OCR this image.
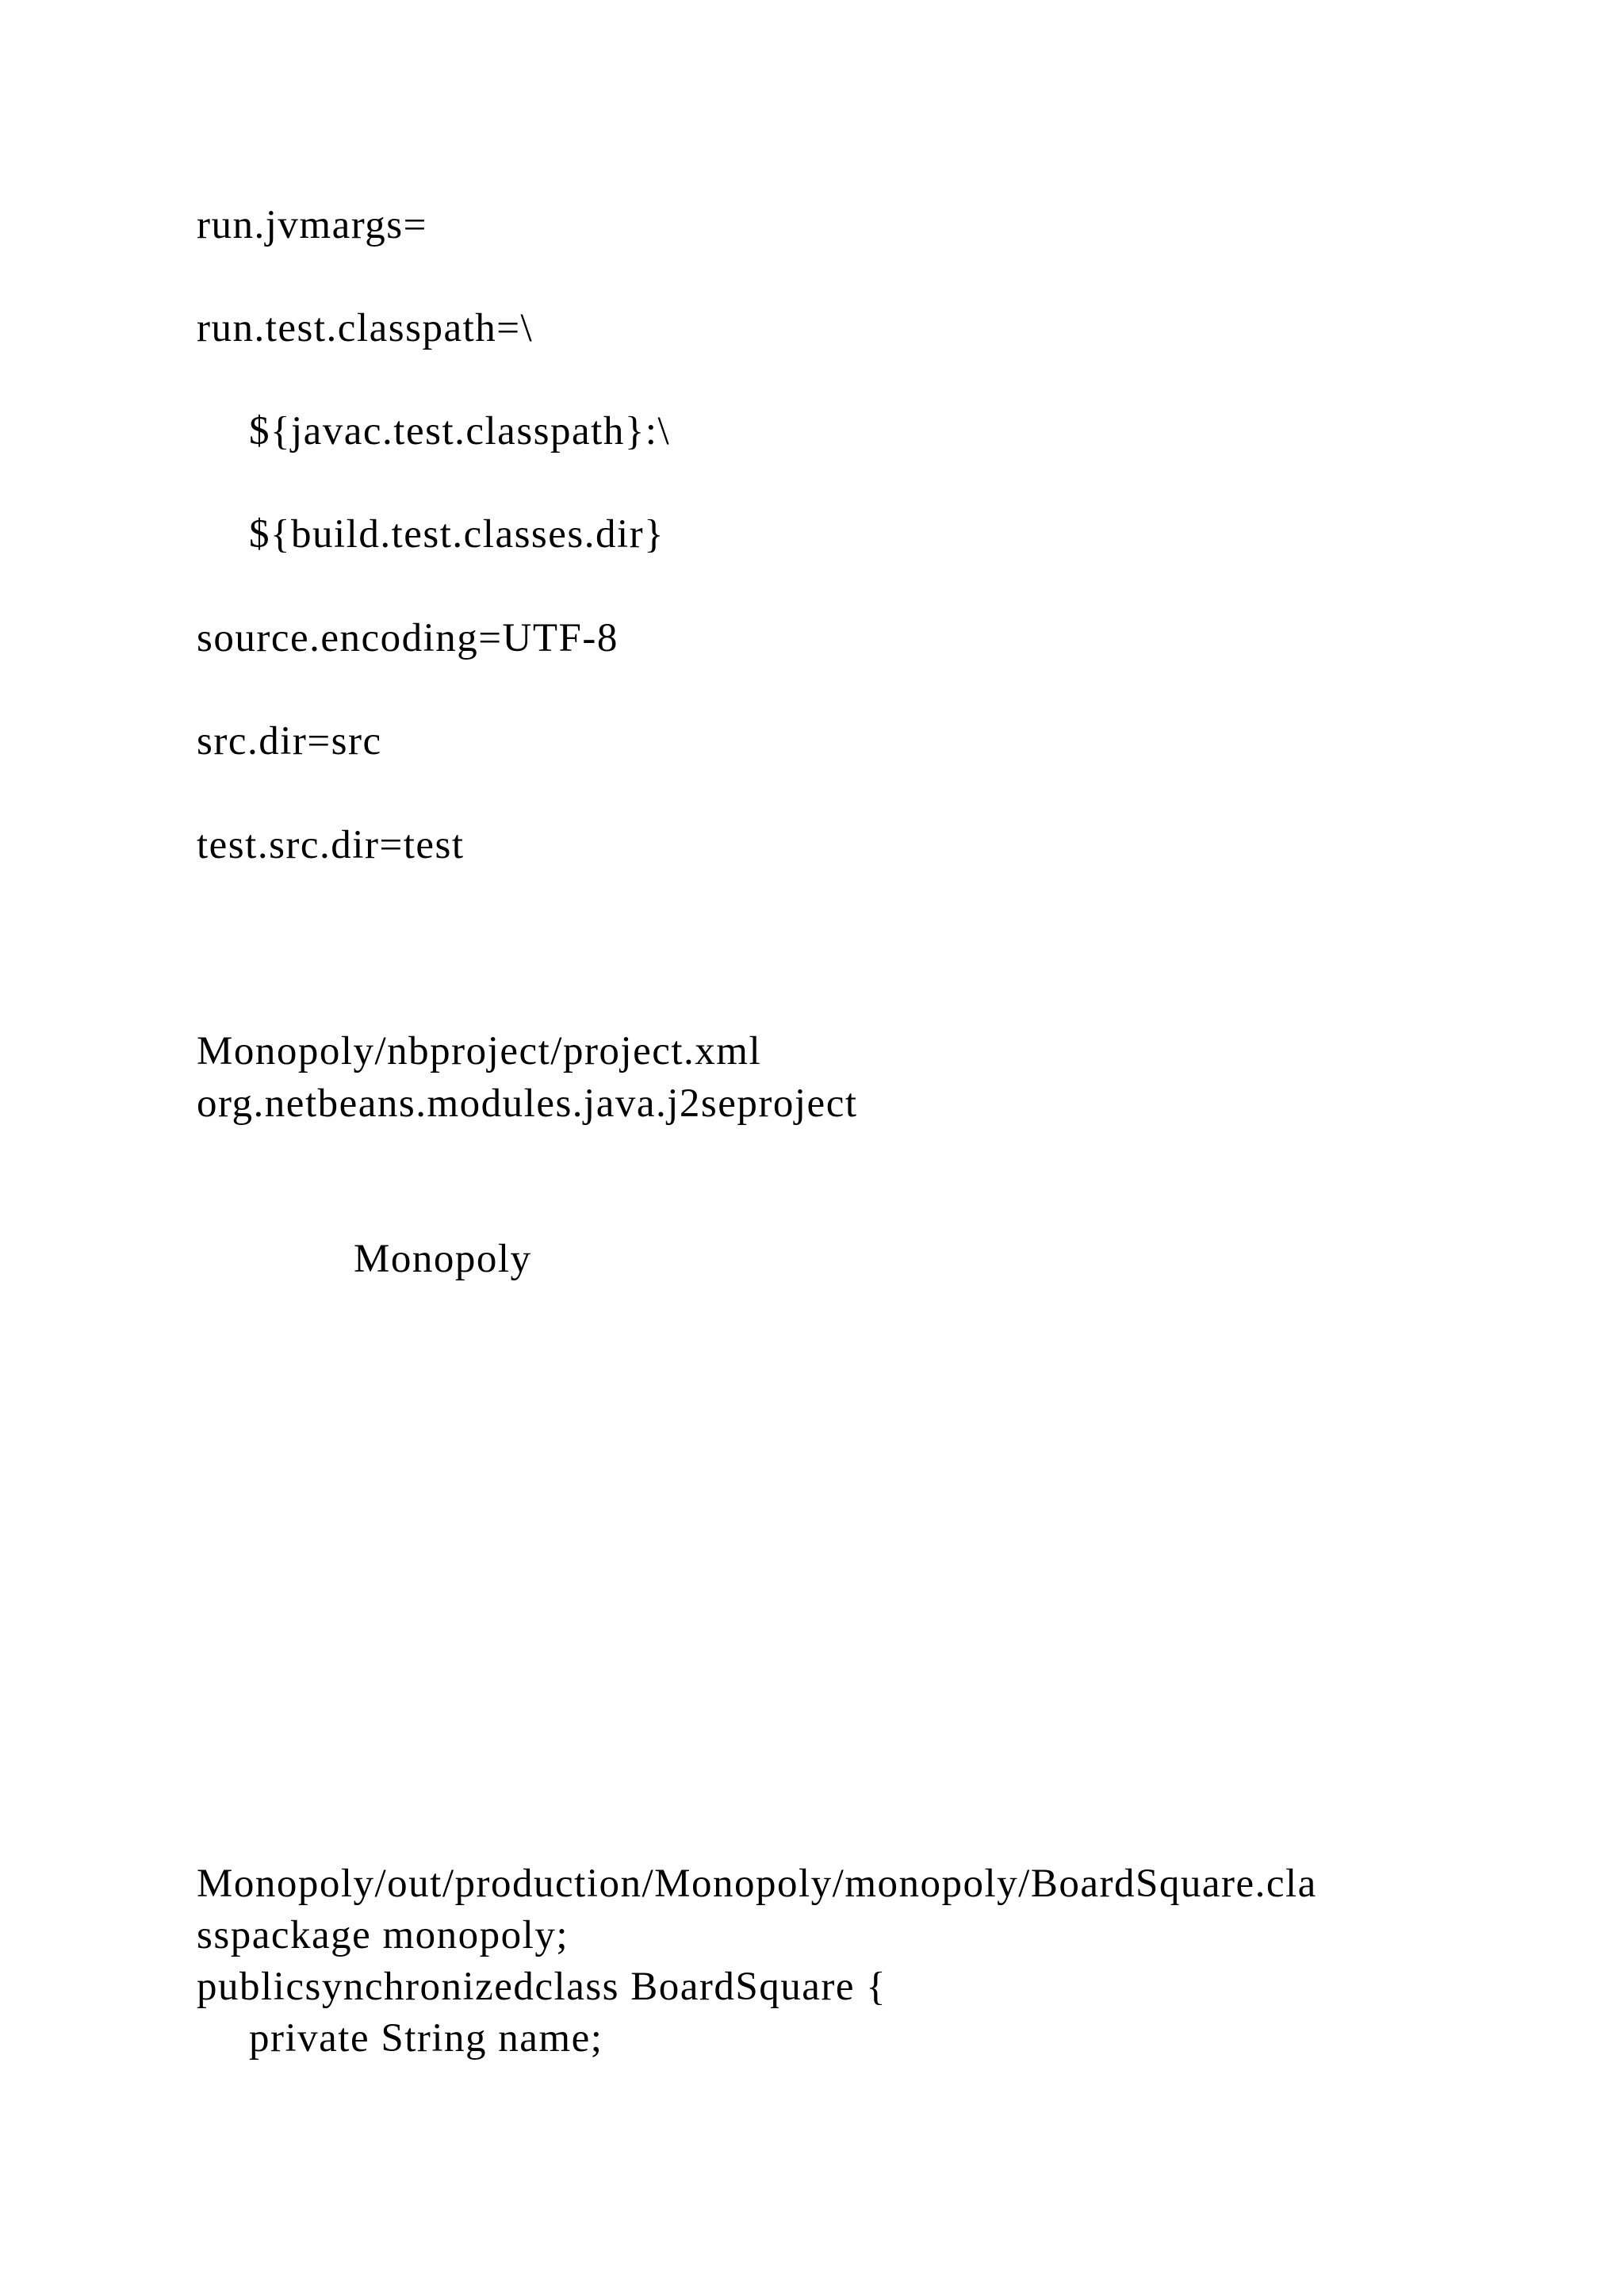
run.jvmargs=
run.test.classpath=\
${javac.test.classpath}:\
${build.test.classes.dir}
source.encoding=UTF-8
src.dir=src
test.src.dir=test
Monopoly/nbproject/project.xml
org.netbeans.modules.java.j2seproject
Monopoly
Monopoly/out/production/Monopoly/monopoly/BoardSquare.cla
sspackage monopoly;
publicsynchronizedclass BoardSquare {
private String name;
